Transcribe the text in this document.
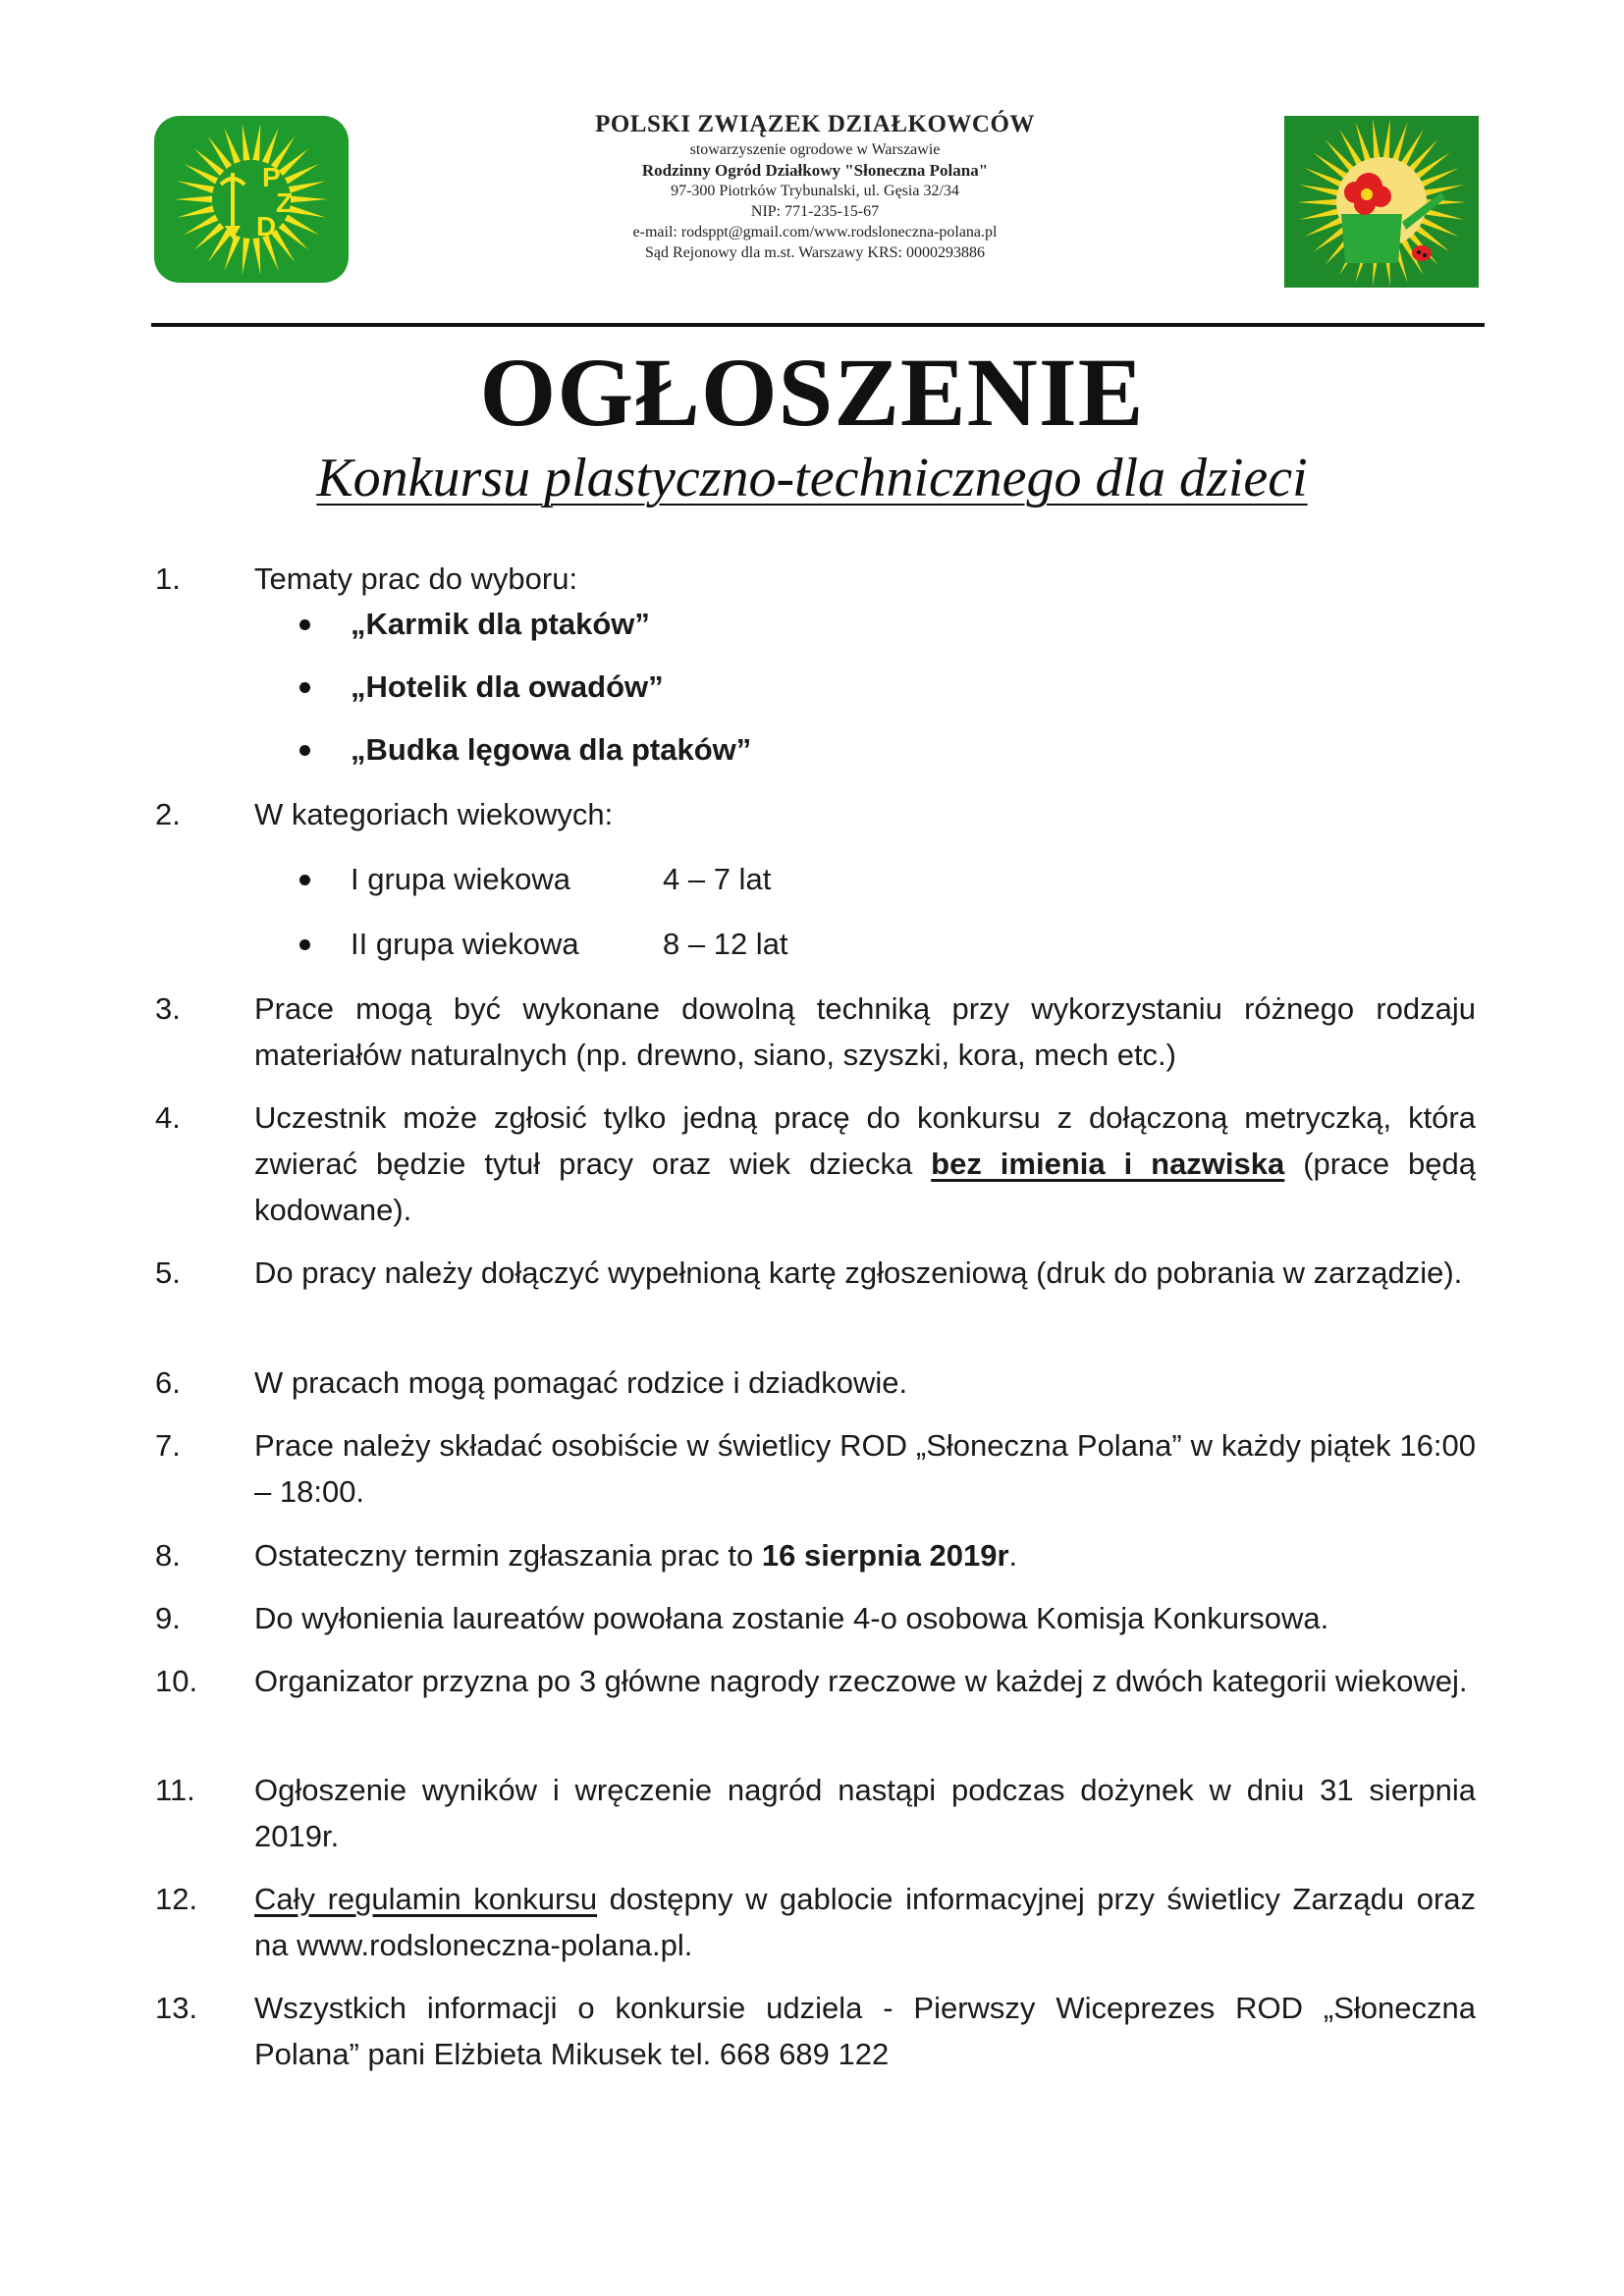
P
Z
D
POLSKI ZWIĄZEK DZIAŁKOWCÓW
stowarzyszenie ogrodowe w Warszawie
Rodzinny Ogród Działkowy "Słoneczna Polana"
97-300 Piotrków Trybunalski, ul. Gęsia 32/34
NIP: 771-235-15-67
e-mail: rodsppt@gmail.com/www.rodsloneczna-polana.pl
Sąd Rejonowy dla m.st. Warszawy KRS: 0000293886
OGŁOSZENIE
Konkursu plastyczno-technicznego dla dzieci
1.	Tematy prac do wyboru:
„Karmik dla ptaków”
„Hotelik dla owadów”
„Budka lęgowa dla ptaków”
2.	W kategoriach wiekowych:
I grupa wiekowa	4 – 7 lat
II grupa wiekowa	8 – 12 lat
3.	Prace mogą być wykonane dowolną techniką przy wykorzystaniu różnego rodzaju materiałów naturalnych (np. drewno, siano, szyszki, kora, mech etc.)
4.	Uczestnik może zgłosić tylko jedną pracę do konkursu z dołączoną metryczką, która zwierać będzie tytuł pracy oraz wiek dziecka bez imienia i nazwiska (prace będą kodowane).
5.	Do pracy należy dołączyć wypełnioną kartę zgłoszeniową (druk do pobrania w zarządzie).
6.	W pracach mogą pomagać rodzice i dziadkowie.
7.	Prace należy składać osobiście w świetlicy ROD „Słoneczna Polana” w każdy piątek 16:00 – 18:00.
8.	Ostateczny termin zgłaszania prac to 16 sierpnia 2019r.
9.	Do wyłonienia laureatów powołana zostanie 4-o osobowa Komisja Konkursowa.
10.	Organizator przyzna po 3 główne nagrody rzeczowe w każdej z dwóch kategorii wiekowej.
11.	Ogłoszenie wyników i wręczenie nagród nastąpi podczas dożynek w dniu 31 sierpnia 2019r.
12.	Cały regulamin konkursu dostępny w gablocie informacyjnej przy świetlicy Zarządu oraz na www.rodsloneczna-polana.pl.
13.	Wszystkich informacji o konkursie udziela - Pierwszy Wiceprezes ROD „Słoneczna Polana” pani Elżbieta Mikusek tel. 668 689 122
